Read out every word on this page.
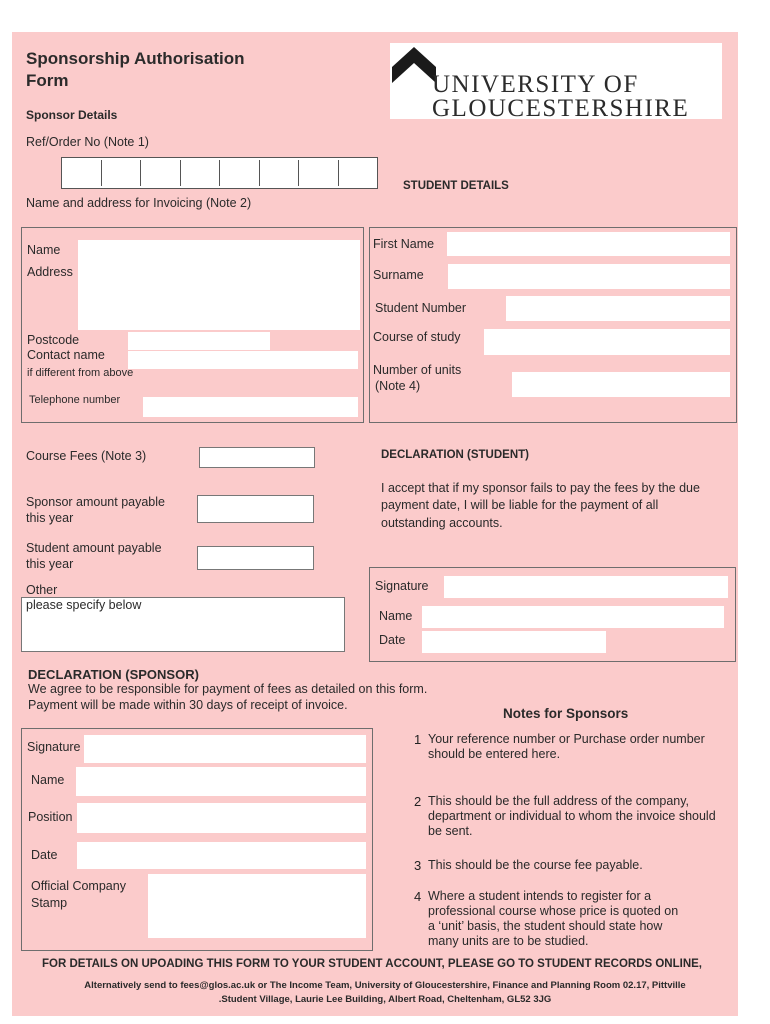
Sponsorship Authorisation
Form	UNIVERSITY OF
GLOUCESTERSHIRE
Sponsor Details
Ref/Order No (Note 1)
STUDENT DETAILS
Name and address for Invoicing (Note 2)
Name
Address
Postcode
Contact name
if different from above
Telephone number
First Name
Surname
Student Number
Course of study
Number of units
(Note 4)
Course Fees (Note 3)
Sponsor amount payable
this year
Student amount payable
this year
Other
please specify below
DECLARATION (STUDENT)
I accept that if my sponsor fails to pay the fees by the due
payment date, I will be liable for the payment of all
outstanding accounts.
Signature
Name
Date
DECLARATION (SPONSOR)
We agree to be responsible for payment of fees as detailed on this form.
Payment will be made within 30 days of receipt of invoice.
Signature
Name
Position
Date
Official Company
Stamp
Notes for Sponsors
1 Your reference number or Purchase order number
should be entered here.
2 This should be the full address of the company,
department or individual to whom the invoice should
be sent.
3 This should be the course fee payable.
4 Where a student intends to register for a
professional course whose price is quoted on
a ‘unit’ basis, the student should state how
many units are to be studied.
FOR DETAILS ON UPOADING THIS FORM TO YOUR STUDENT ACCOUNT, PLEASE GO TO STUDENT RECORDS ONLINE,
Alternatively send to fees@glos.ac.uk or The Income Team, University of Gloucestershire, Finance and Planning Room 02.17, Pittville
.Student Village, Laurie Lee Building, Albert Road, Cheltenham, GL52 3JG
